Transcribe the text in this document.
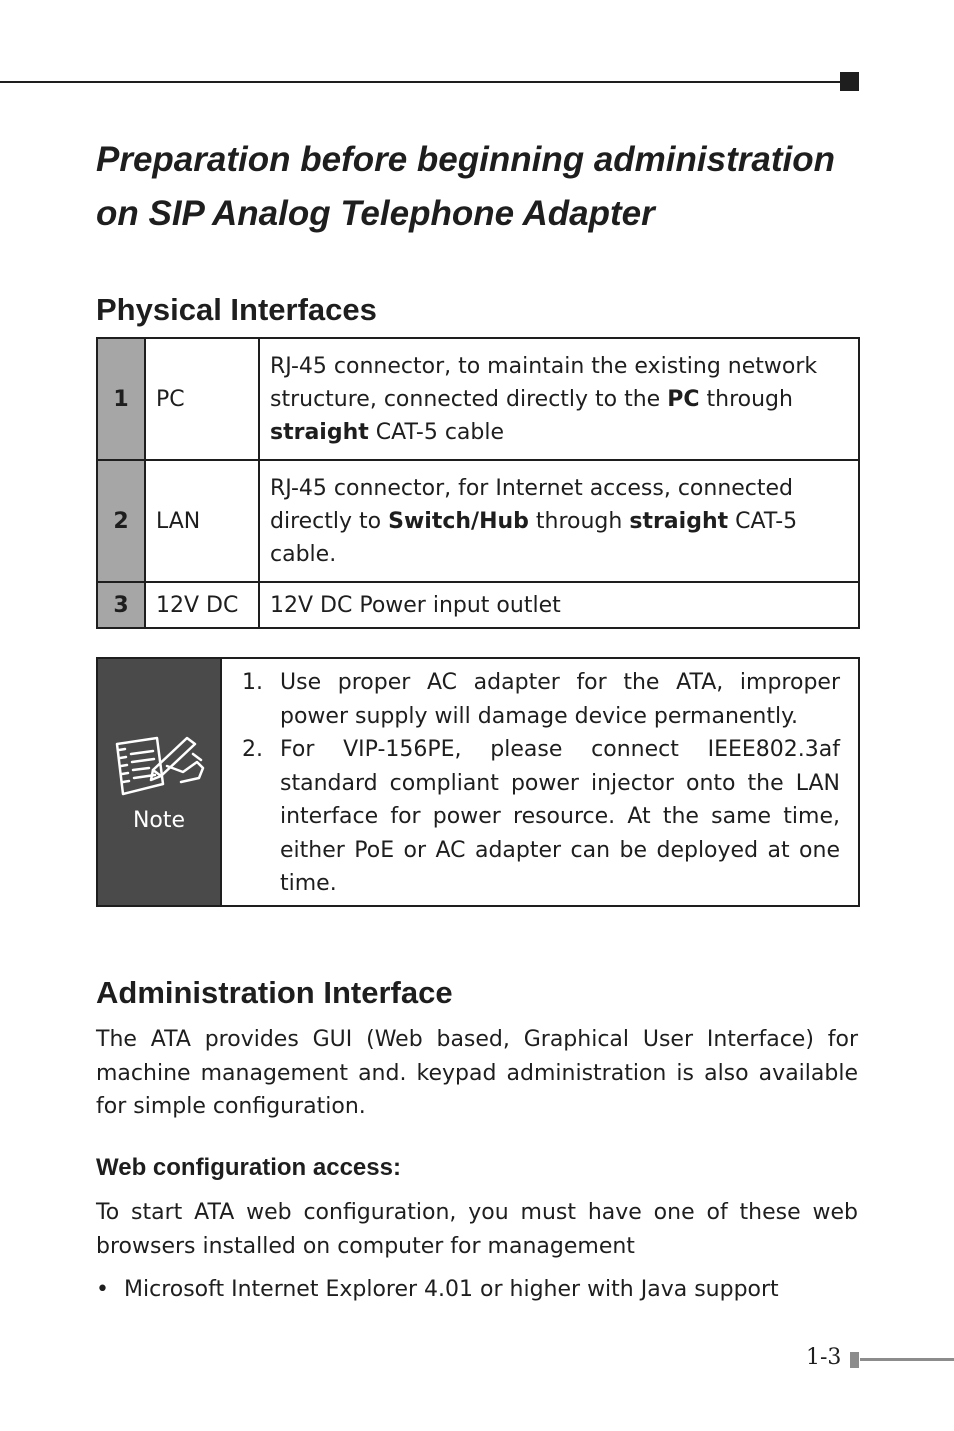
Preparation before beginning administration on SIP Analog Telephone Adapter
Physical Interfaces
1	PC	RJ-45 connector, to maintain the existing network structure, connected directly to the PC through straight CAT-5 cable
2	LAN	RJ-45 connector, for Internet access, connected directly to Switch/Hub through straight CAT-5 cable.
3	12V DC	12V DC Power input outlet
Note
1. Use proper AC adapter for the ATA, improper power supply will damage device permanently.
2. For VIP-156PE, please connect IEEE802.3af standard compliant power injector onto the LAN interface for power resource. At the same time, either PoE or AC adapter can be deployed at one time.
Administration Interface

The ATA provides GUI (Web based, Graphical User Interface) for machine management and. keypad administration is also available for simple configuration.

Web configuration access:

To start ATA web configuration, you must have one of these web browsers installed on computer for management

• Microsoft Internet Explorer 4.01 or higher with Java support
1-3
